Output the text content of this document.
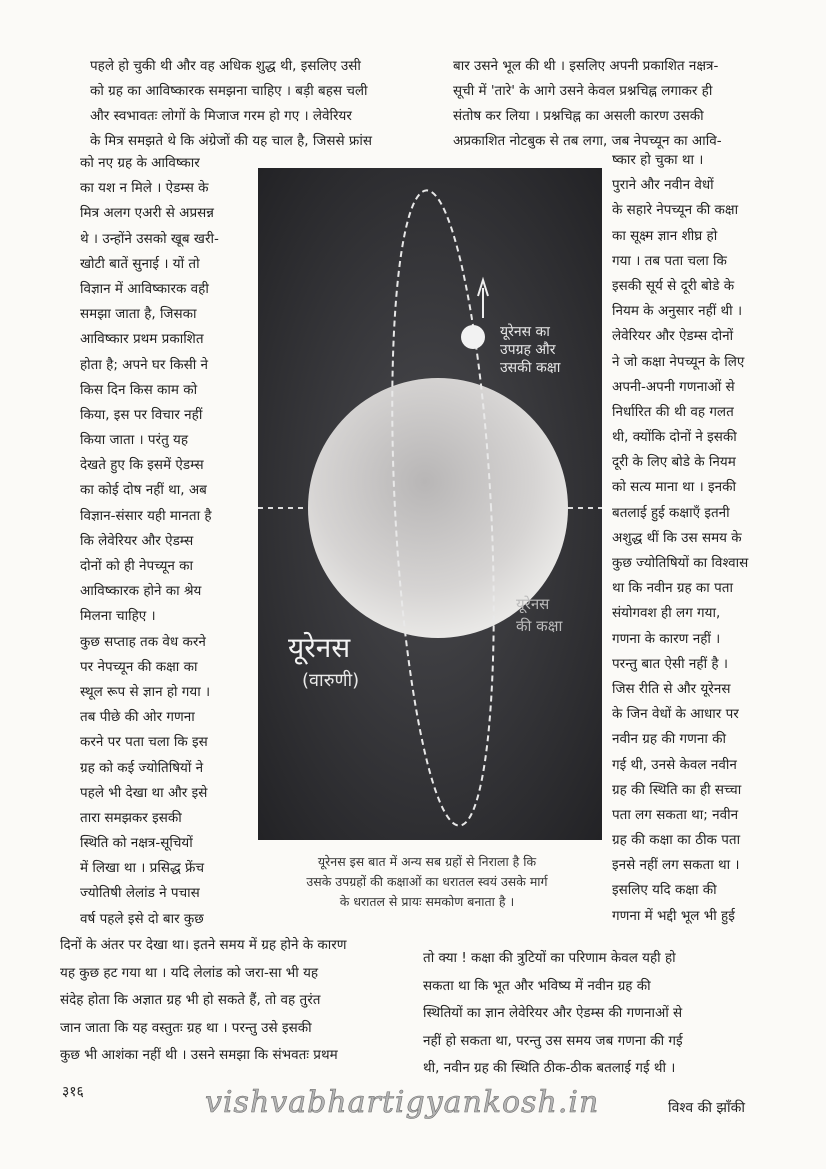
पहले हो चुकी थी और वह अधिक शुद्ध थी, इसलिए उसी
को ग्रह का आविष्कारक समझना चाहिए । बड़ी बहस चली
और स्वभावतः लोगों के मिजाज गरम हो गए । लेवेरियर
के मित्र समझते थे कि अंग्रेजों की यह चाल है, जिससे फ्रांस
बार उसने भूल की थी । इसलिए अपनी प्रकाशित नक्षत्र-
सूची में 'तारे' के आगे उसने केवल प्रश्नचिह्न लगाकर ही
संतोष कर लिया । प्रश्नचिह्न का असली कारण उसकी
अप्रकाशित नोटबुक से तब लगा, जब नेपच्यून का आवि-
को नए ग्रह के आविष्कार
का यश न मिले । ऐडम्स के
मित्र अलग एअरी से अप्रसन्न
थे । उन्होंने उसको खूब खरी-
खोटी बातें सुनाई । यों तो
विज्ञान में आविष्कारक वही
समझा जाता है, जिसका
आविष्कार प्रथम प्रकाशित
होता है; अपने घर किसी ने
किस दिन किस काम को
किया, इस पर विचार नहीं
किया जाता । परंतु यह
देखते हुए कि इसमें ऐडम्स
का कोई दोष नहीं था, अब
विज्ञान-संसार यही मानता है
कि लेवेरियर और ऐडम्स
दोनों को ही नेपच्यून का
आविष्कारक होने का श्रेय
मिलना चाहिए ।
कुछ सप्ताह तक वेध करने
पर नेपच्यून की कक्षा का
स्थूल रूप से ज्ञान हो गया ।
तब पीछे की ओर गणना
करने पर पता चला कि इस
ग्रह को कई ज्योतिषियों ने
पहले भी देखा था और इसे
तारा समझकर इसकी
स्थिति को नक्षत्र-सूचियों
में लिखा था । प्रसिद्ध फ्रेंच
ज्योतिषी लेलांड ने पचास
वर्ष पहले इसे दो बार कुछ
ष्कार हो चुका था ।
पुराने और नवीन वेधों
के सहारे नेपच्यून की कक्षा
का सूक्ष्म ज्ञान शीघ्र हो
गया । तब पता चला कि
इसकी सूर्य से दूरी बोडे के
नियम के अनुसार नहीं थी ।
लेवेरियर और ऐडम्स दोनों
ने जो कक्षा नेपच्यून के लिए
अपनी-अपनी गणनाओं से
निर्धारित की थी वह गलत
थी, क्योंकि दोनों ने इसकी
दूरी के लिए बोडे के नियम
को सत्य माना था । इनकी
बतलाई हुई कक्षाएँ इतनी
अशुद्ध थीं कि उस समय के
कुछ ज्योतिषियों का विश्वास
था कि नवीन ग्रह का पता
संयोगवश ही लग गया,
गणना के कारण नहीं ।
परन्तु बात ऐसी नहीं है ।
जिस रीति से और यूरेनस
के जिन वेधों के आधार पर
नवीन ग्रह की गणना की
गई थी, उनसे केवल नवीन
ग्रह की स्थिति का ही सच्चा
पता लग सकता था; नवीन
ग्रह की कक्षा का ठीक पता
इनसे नहीं लग सकता था ।
इसलिए यदि कक्षा की
गणना में भद्दी भूल भी हुई
दिनों के अंतर पर देखा था। इतने समय में ग्रह होने के कारण
यह कुछ हट गया था । यदि लेलांड को जरा-सा भी यह
संदेह होता कि अज्ञात ग्रह भी हो सकते हैं, तो वह तुरंत
जान जाता कि यह वस्तुतः ग्रह था । परन्तु उसे इसकी
कुछ भी आशंका नहीं थी । उसने समझा कि संभवतः प्रथम
तो क्या ! कक्षा की त्रुटियों का परिणाम केवल यही हो
सकता था कि भूत और भविष्य में नवीन ग्रह की
स्थितियों का ज्ञान लेवेरियर और ऐडम्स की गणनाओं से
नहीं हो सकता था, परन्तु उस समय जब गणना की गई
थी, नवीन ग्रह की स्थिति ठीक-ठीक बतलाई गई थी ।
यूरेनस का
उपग्रह और
उसकी कक्षा
यूरेनस
(वारुणी)
यूरेनस
की कक्षा
यूरेनस इस बात में अन्य सब ग्रहों से निराला है कि
उसके उपग्रहों की कक्षाओं का धरातल स्वयं उसके मार्ग
के धरातल से प्रायः समकोण बनाता है ।
३१६	vishvabhartigyankosh.in	विश्व की झाँकी
